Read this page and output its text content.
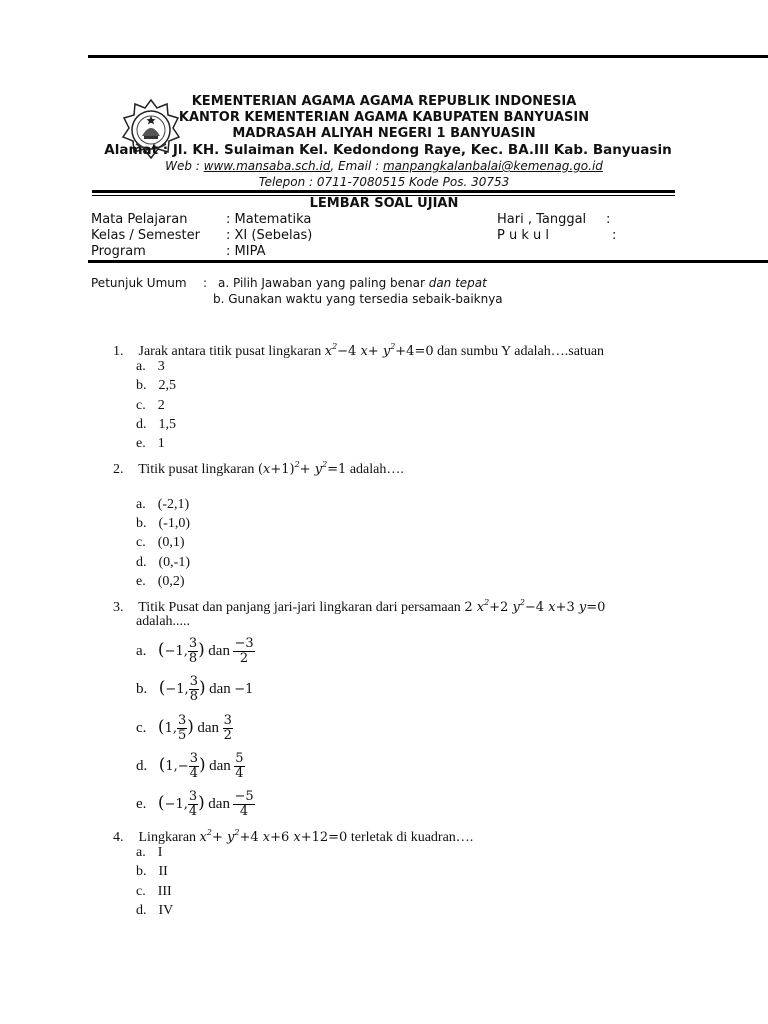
KEMENTERIAN AGAMA AGAMA REPUBLIK INDONESIA
KANTOR KEMENTERIAN AGAMA KABUPATEN BANYUASIN
MADRASAH ALIYAH NEGERI 1 BANYUASIN
Alamat : Jl. KH. Sulaiman Kel. Kedondong Raye, Kec. BA.III Kab. Banyuasin
Web : www.mansaba.sch.id, Email : manpangkalanbalai@kemenag.go.id
Telepon : 0711-7080515 Kode Pos. 30753
LEMBAR SOAL UJIAN
Mata Pelajaran	: Matematika
Kelas / Semester : XI (Sebelas)
Program	: MIPA
Hari , Tanggal :
P u k u l	:
Petunjuk Umum : a. Pilih Jawaban yang paling benar dan tepat
b. Gunakan waktu yang tersedia sebaik-baiknya
1. Jarak antara titik pusat lingkaran $x^2-4$ $x+ y^2+4=0$ dan sumbu Y adalah….satuan
a. 3
b. 2,5
c. 2
d. 1,5
e. 1
2. Titik pusat lingkaran $(x+1)^2+ y^2=1$ adalah….
a. (-2,1)
b. (-1,0)
c. (0,1)
d. (0,-1)
e. (0,2)
3. Titik Pusat dan panjang jari-jari lingkaran dari persamaan 2 $x^2+2$ $y^2-4$ x+3 y=0
adalah.....
a. (−1, $\frac{3}{8}$ ) dan $\frac{-3}{2}$
b. (−1, $\frac{3}{8}$ ) dan −1
c. (1, $\frac{3}{5}$ ) dan $\frac{3}{2}$
d. ($1,- \frac{3}{4}$ ) dan $\frac{5}{4}$
e. (−1, $\frac{3}{4}$ ) dan $\frac{-5}{4}$
4. Lingkaran $x^2+ y^2+4$ x+6 x+12=0 terletak di kuadran….
a. I
b. II
c. III
d. IV
